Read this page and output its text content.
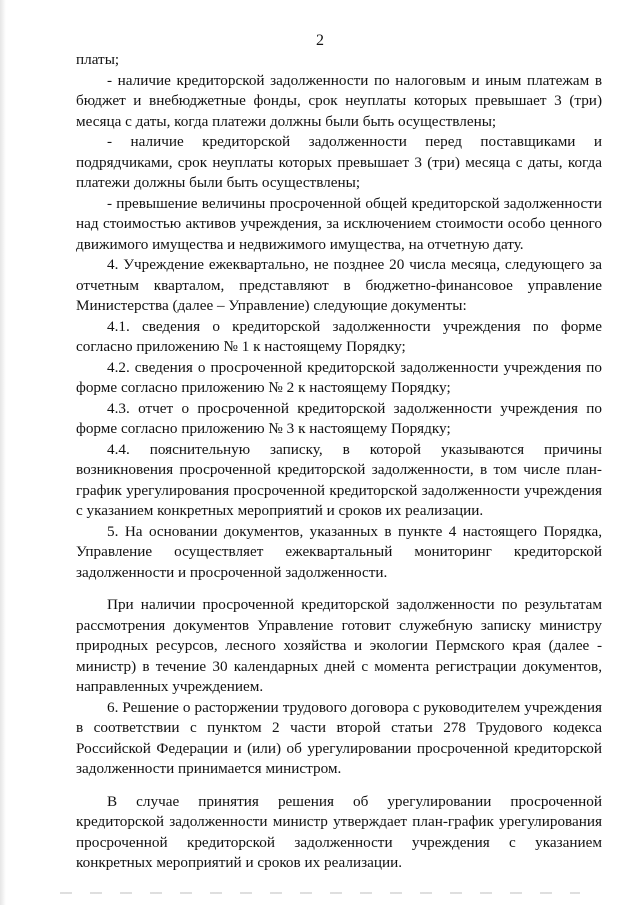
2

платы;

- наличие кредиторской задолженности по налоговым и иным платежам в бюджет и внебюджетные фонды, срок неуплаты которых превышает 3 (три) месяца с даты, когда платежи должны были быть осуществлены;

- наличие кредиторской задолженности перед поставщиками и подрядчиками, срок неуплаты которых превышает 3 (три) месяца с даты, когда платежи должны были быть осуществлены;

- превышение величины просроченной общей кредиторской задолженности над стоимостью активов учреждения, за исключением стоимости особо ценного движимого имущества и недвижимого имущества, на отчетную дату.

4. Учреждение ежеквартально, не позднее 20 числа месяца, следующего за отчетным кварталом, представляют в бюджетно-финансовое управление Министерства (далее – Управление) следующие документы:

4.1. сведения о кредиторской задолженности учреждения по форме согласно приложению № 1 к настоящему Порядку;

4.2. сведения о просроченной кредиторской задолженности учреждения по форме согласно приложению № 2 к настоящему Порядку;

4.3. отчет о просроченной кредиторской задолженности учреждения по форме согласно приложению № 3 к настоящему Порядку;

4.4. пояснительную записку, в которой указываются причины возникновения просроченной кредиторской задолженности, в том числе план-график урегулирования просроченной кредиторской задолженности учреждения с указанием конкретных мероприятий и сроков их реализации.

5. На основании документов, указанных в пункте 4 настоящего Порядка, Управление осуществляет ежеквартальный мониторинг кредиторской задолженности и просроченной задолженности.

При наличии просроченной кредиторской задолженности по результатам рассмотрения документов Управление готовит служебную записку министру природных ресурсов, лесного хозяйства и экологии Пермского края (далее - министр) в течение 30 календарных дней с момента регистрации документов, направленных учреждением.

6. Решение о расторжении трудового договора с руководителем учреждения в соответствии с пунктом 2 части второй статьи 278 Трудового кодекса Российской Федерации и (или) об урегулировании просроченной кредиторской задолженности принимается министром.

В случае принятия решения об урегулировании просроченной кредиторской задолженности министр утверждает план-график урегулирования просроченной кредиторской задолженности учреждения с указанием конкретных мероприятий и сроков их реализации.
